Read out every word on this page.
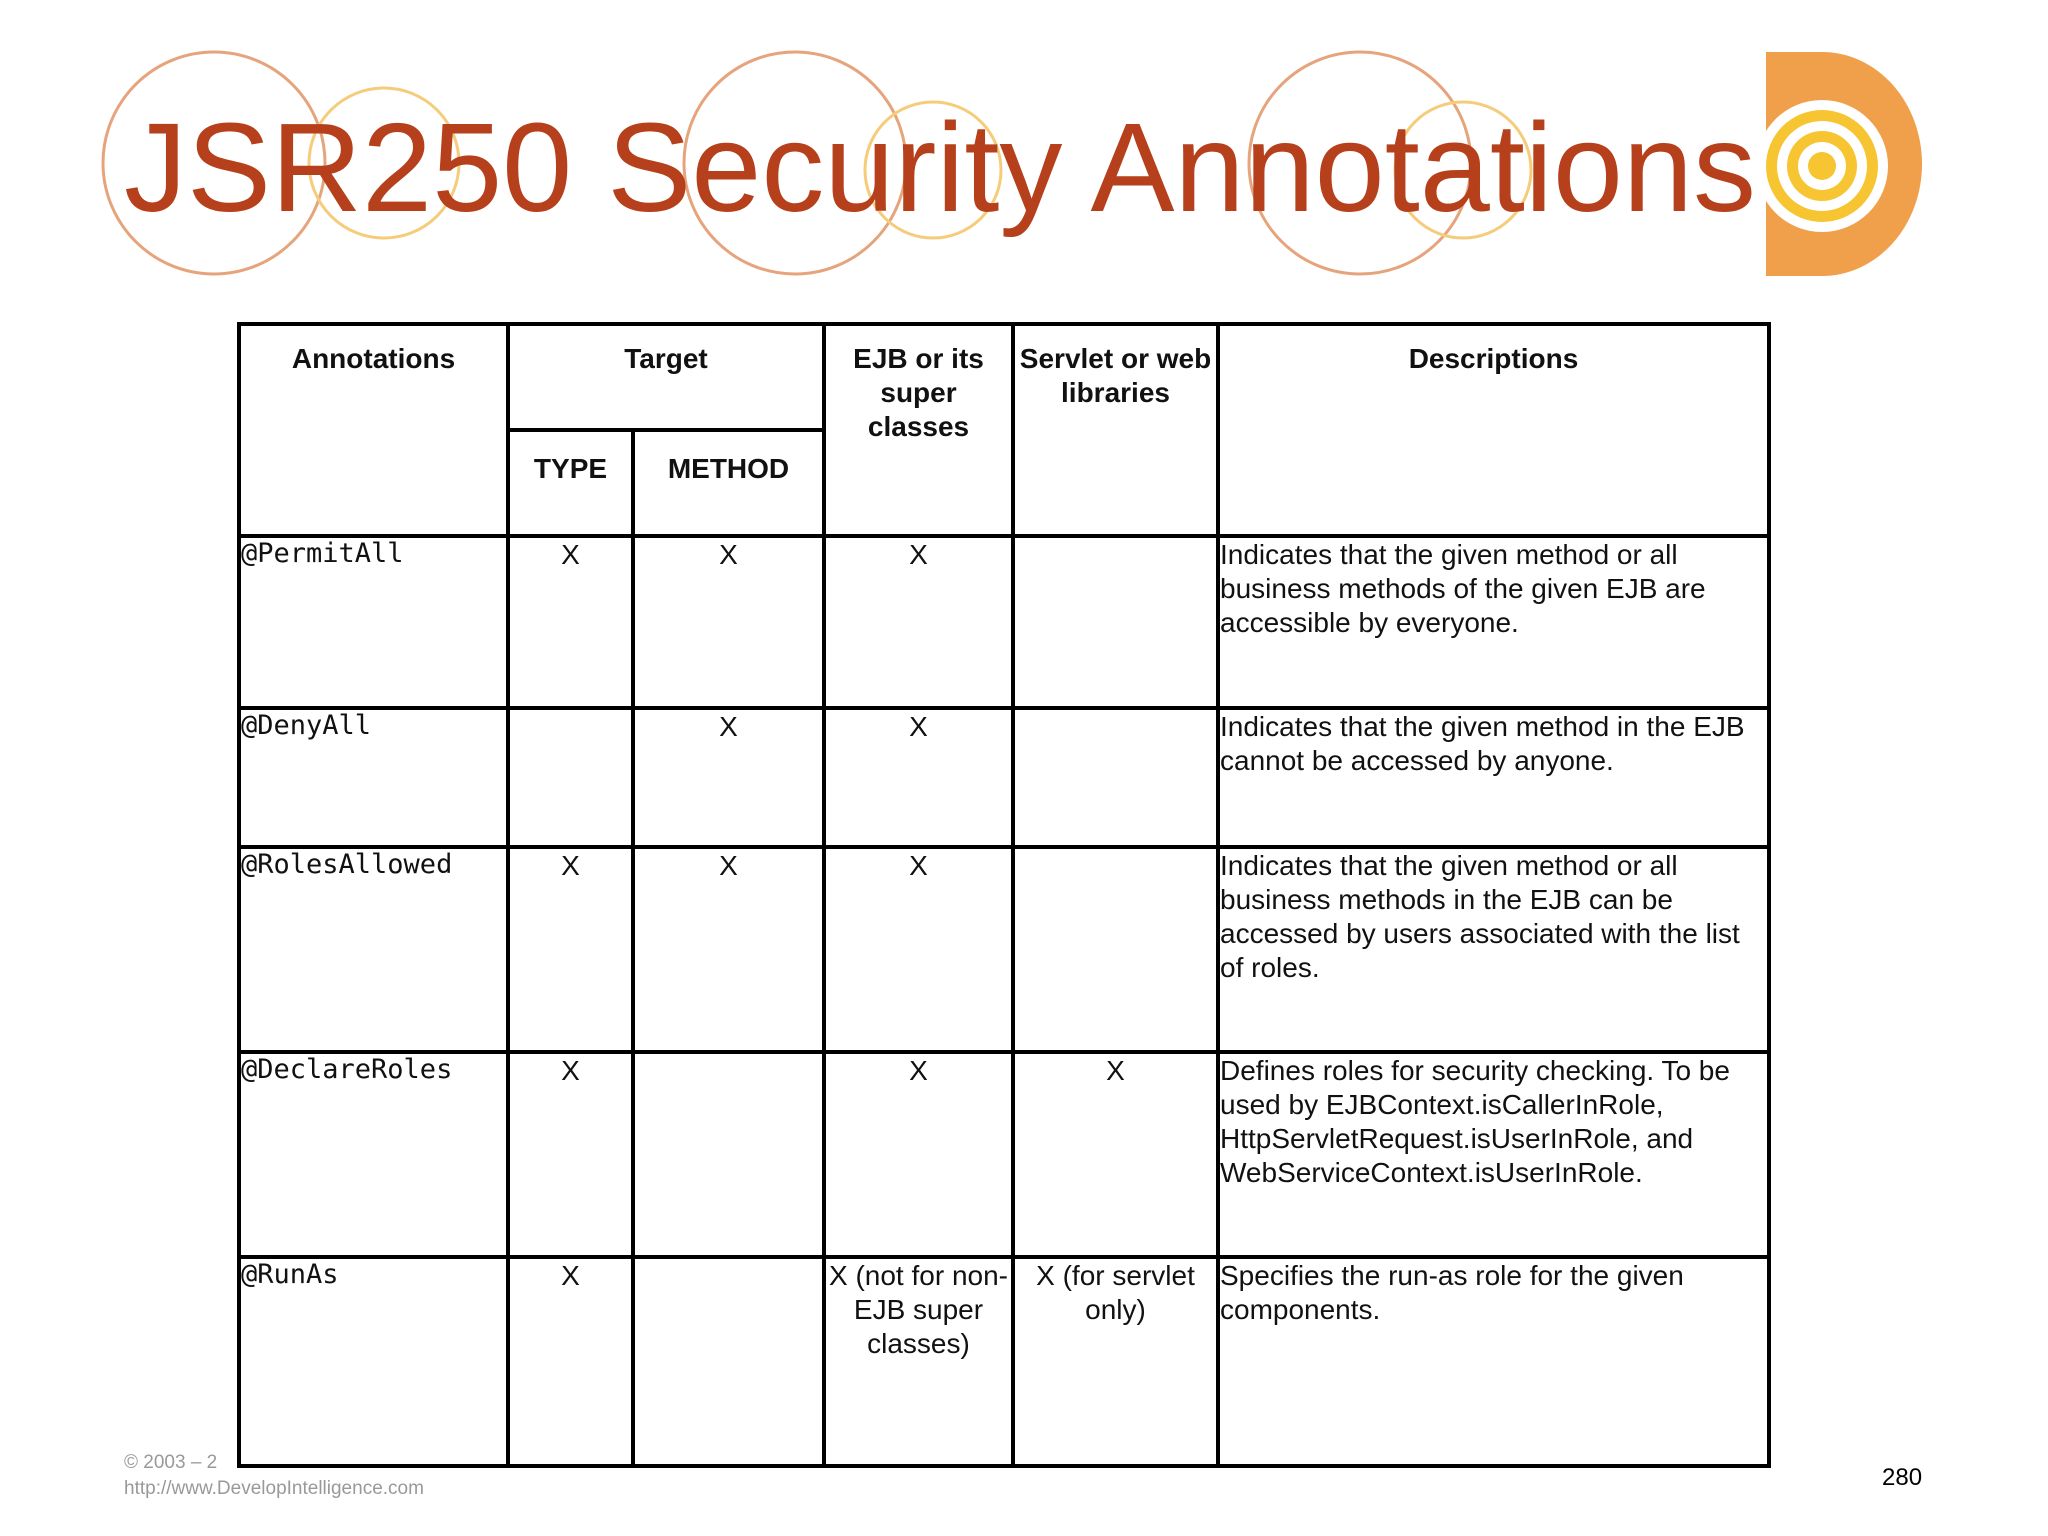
JSR250 Security Annotations
Annotations	Target		EJB or its super classes	Servlet or web libraries	Descriptions
	TYPE	METHOD			
@PermitAll	X	X	X		Indicates that the given method or all business methods of the given EJB are accessible by everyone.
@DenyAll		X	X		Indicates that the given method in the EJB cannot be accessed by anyone.
@RolesAllowed	X	X	X		Indicates that the given method or all business methods in the EJB can be accessed by users associated with the list of roles.
@DeclareRoles	X		X	X	Defines roles for security checking. To be used by EJBContext.isCallerInRole, HttpServletRequest.isUserInRole, and WebServiceContext.isUserInRole.
@RunAs	X		X (not for non-EJB super classes)	X (for servlet only)	Specifies the run-as role for the given components.
© 2003 – 2
http://www.DevelopIntelligence.com	280
